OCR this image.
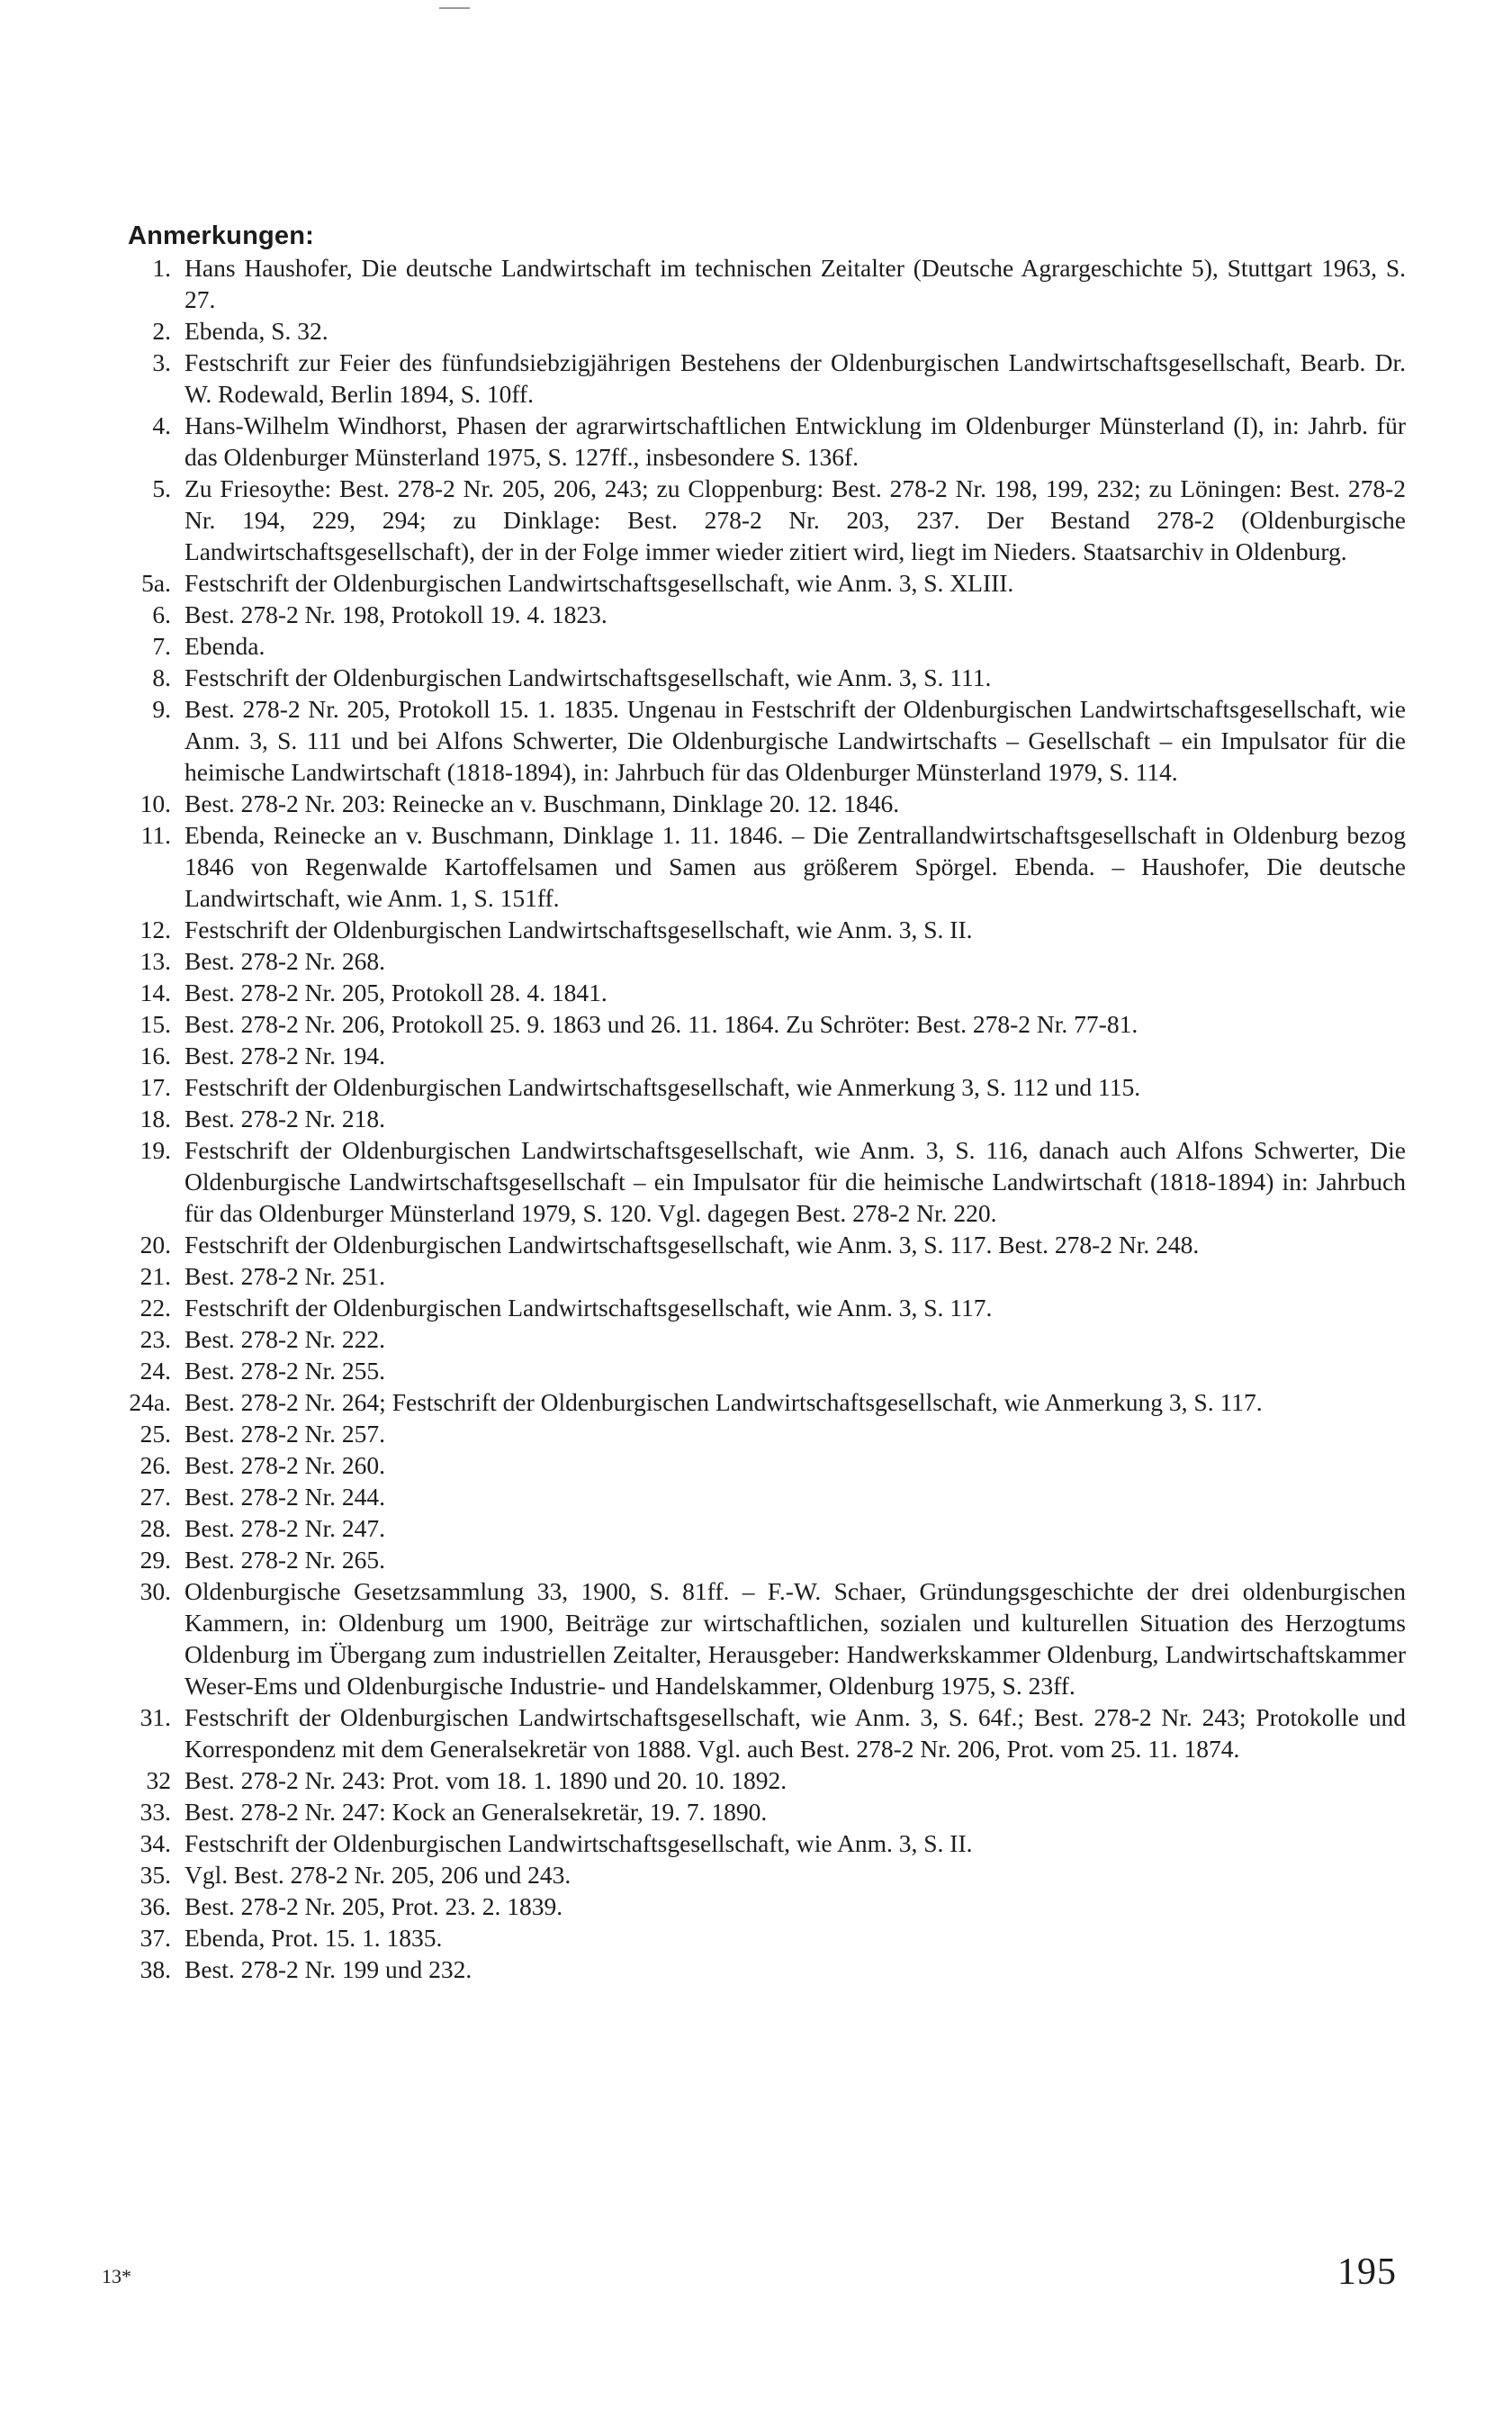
Anmerkungen:
1. Hans Haushofer, Die deutsche Landwirtschaft im technischen Zeitalter (Deutsche Agrargeschichte 5), Stuttgart 1963, S. 27.
2. Ebenda, S. 32.
3. Festschrift zur Feier des fünfundsiebzigjährigen Bestehens der Oldenburgischen Landwirtschaftsgesellschaft, Bearb. Dr. W. Rodewald, Berlin 1894, S. 10ff.
4. Hans-Wilhelm Windhorst, Phasen der agrarwirtschaftlichen Entwicklung im Oldenburger Münsterland (I), in: Jahrb. für das Oldenburger Münsterland 1975, S. 127ff., insbesondere S. 136f.
5. Zu Friesoythe: Best. 278-2 Nr. 205, 206, 243; zu Cloppenburg: Best. 278-2 Nr. 198, 199, 232; zu Löningen: Best. 278-2 Nr. 194, 229, 294; zu Dinklage: Best. 278-2 Nr. 203, 237. Der Bestand 278-2 (Oldenburgische Landwirtschaftsgesellschaft), der in der Folge immer wieder zitiert wird, liegt im Nieders. Staatsarchiv in Oldenburg.
5a. Festschrift der Oldenburgischen Landwirtschaftsgesellschaft, wie Anm. 3, S. XLIII.
6. Best. 278-2 Nr. 198, Protokoll 19. 4. 1823.
7. Ebenda.
8. Festschrift der Oldenburgischen Landwirtschaftsgesellschaft, wie Anm. 3, S. 111.
9. Best. 278-2 Nr. 205, Protokoll 15. 1. 1835. Ungenau in Festschrift der Oldenburgischen Landwirtschaftsgesellschaft, wie Anm. 3, S. 111 und bei Alfons Schwerter, Die Oldenburgische Landwirtschafts – Gesellschaft – ein Impulsator für die heimische Landwirtschaft (1818-1894), in: Jahrbuch für das Oldenburger Münsterland 1979, S. 114.
10. Best. 278-2 Nr. 203: Reinecke an v. Buschmann, Dinklage 20. 12. 1846.
11. Ebenda, Reinecke an v. Buschmann, Dinklage 1. 11. 1846. – Die Zentrallandwirtschaftsgesellschaft in Oldenburg bezog 1846 von Regenwalde Kartoffelsamen und Samen aus größerem Spörgel. Ebenda. – Haushofer, Die deutsche Landwirtschaft, wie Anm. 1, S. 151ff.
12. Festschrift der Oldenburgischen Landwirtschaftsgesellschaft, wie Anm. 3, S. II.
13. Best. 278-2 Nr. 268.
14. Best. 278-2 Nr. 205, Protokoll 28. 4. 1841.
15. Best. 278-2 Nr. 206, Protokoll 25. 9. 1863 und 26. 11. 1864. Zu Schröter: Best. 278-2 Nr. 77-81.
16. Best. 278-2 Nr. 194.
17. Festschrift der Oldenburgischen Landwirtschaftsgesellschaft, wie Anmerkung 3, S. 112 und 115.
18. Best. 278-2 Nr. 218.
19. Festschrift der Oldenburgischen Landwirtschaftsgesellschaft, wie Anm. 3, S. 116, danach auch Alfons Schwerter, Die Oldenburgische Landwirtschaftsgesellschaft – ein Impulsator für die heimische Landwirtschaft (1818-1894) in: Jahrbuch für das Oldenburger Münsterland 1979, S. 120. Vgl. dagegen Best. 278-2 Nr. 220.
20. Festschrift der Oldenburgischen Landwirtschaftsgesellschaft, wie Anm. 3, S. 117. Best. 278-2 Nr. 248.
21. Best. 278-2 Nr. 251.
22. Festschrift der Oldenburgischen Landwirtschaftsgesellschaft, wie Anm. 3, S. 117.
23. Best. 278-2 Nr. 222.
24. Best. 278-2 Nr. 255.
24a. Best. 278-2 Nr. 264; Festschrift der Oldenburgischen Landwirtschaftsgesellschaft, wie Anmerkung 3, S. 117.
25. Best. 278-2 Nr. 257.
26. Best. 278-2 Nr. 260.
27. Best. 278-2 Nr. 244.
28. Best. 278-2 Nr. 247.
29. Best. 278-2 Nr. 265.
30. Oldenburgische Gesetzsammlung 33, 1900, S. 81ff. – F.-W. Schaer, Gründungsgeschichte der drei oldenburgischen Kammern, in: Oldenburg um 1900, Beiträge zur wirtschaftlichen, sozialen und kulturellen Situation des Herzogtums Oldenburg im Übergang zum industriellen Zeitalter, Herausgeber: Handwerkskammer Oldenburg, Landwirtschaftskammer Weser-Ems und Oldenburgische Industrie- und Handelskammer, Oldenburg 1975, S. 23ff.
31. Festschrift der Oldenburgischen Landwirtschaftsgesellschaft, wie Anm. 3, S. 64f.; Best. 278-2 Nr. 243; Protokolle und Korrespondenz mit dem Generalsekretär von 1888. Vgl. auch Best. 278-2 Nr. 206, Prot. vom 25. 11. 1874.
32 Best. 278-2 Nr. 243: Prot. vom 18. 1. 1890 und 20. 10. 1892.
33. Best. 278-2 Nr. 247: Kock an Generalsekretär, 19. 7. 1890.
34. Festschrift der Oldenburgischen Landwirtschaftsgesellschaft, wie Anm. 3, S. II.
35. Vgl. Best. 278-2 Nr. 205, 206 und 243.
36. Best. 278-2 Nr. 205, Prot. 23. 2. 1839.
37. Ebenda, Prot. 15. 1. 1835.
38. Best. 278-2 Nr. 199 und 232.
13*	195
